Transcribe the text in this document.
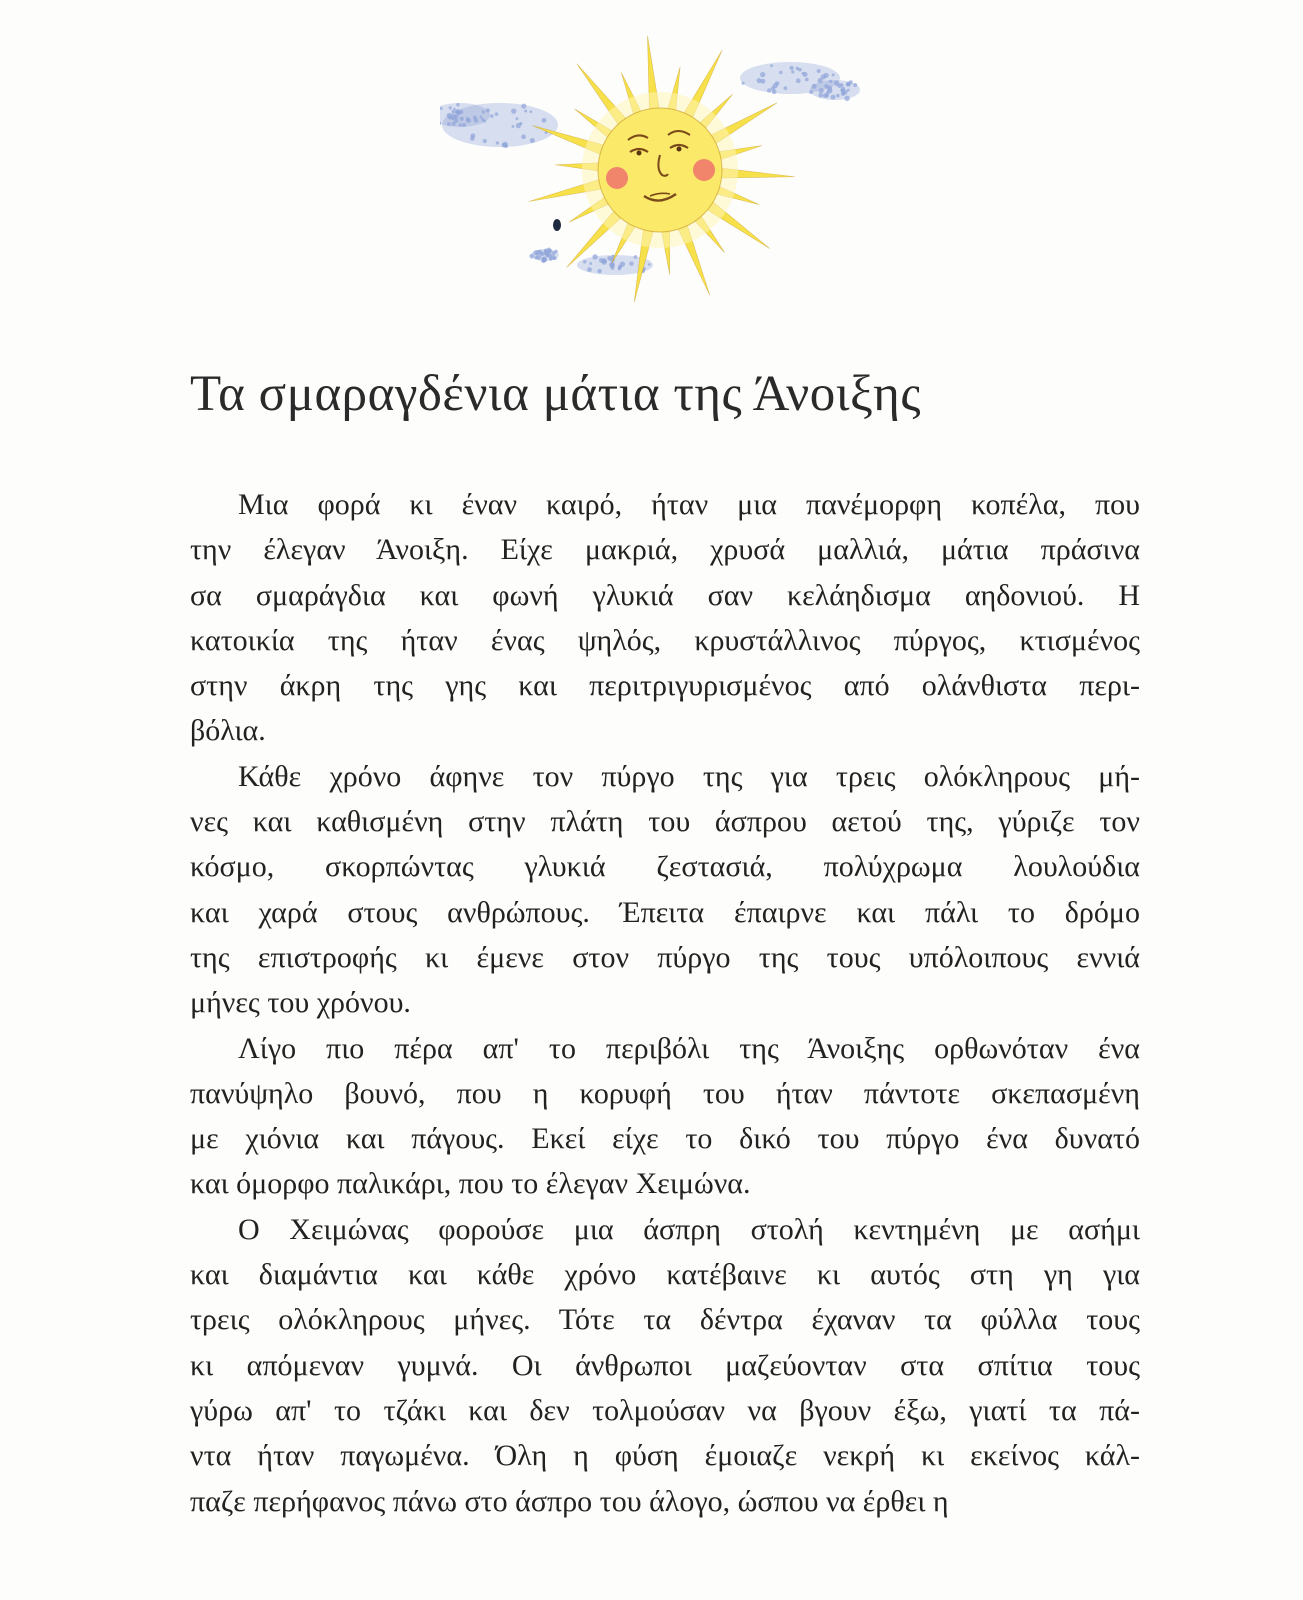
Τα σμαραγδένια μάτια της Άνοιξης
Μια φορά κι έναν καιρό, ήταν μια πανέμορφη κοπέλα, που
την έλεγαν Άνοιξη. Είχε μακριά, χρυσά μαλλιά, μάτια πράσινα
σα σμαράγδια και φωνή γλυκιά σαν κελάηδισμα αηδονιού. Η
κατοικία της ήταν ένας ψηλός, κρυστάλλινος πύργος, κτισμένος
στην άκρη της γης και περιτριγυρισμένος από ολάνθιστα περι-
βόλια.
Κάθε χρόνο άφηνε τον πύργο της για τρεις ολόκληρους μή-
νες και καθισμένη στην πλάτη του άσπρου αετού της, γύριζε τον
κόσμο, σκορπώντας γλυκιά ζεστασιά, πολύχρωμα λουλούδια
και χαρά στους ανθρώπους. Έπειτα έπαιρνε και πάλι το δρόμο
της επιστροφής κι έμενε στον πύργο της τους υπόλοιπους εννιά
μήνες του χρόνου.
Λίγο πιο πέρα απ' το περιβόλι της Άνοιξης ορθωνόταν ένα
πανύψηλο βουνό, που η κορυφή του ήταν πάντοτε σκεπασμένη
με χιόνια και πάγους. Εκεί είχε το δικό του πύργο ένα δυνατό
και όμορφο παλικάρι, που το έλεγαν Χειμώνα.
Ο Χειμώνας φορούσε μια άσπρη στολή κεντημένη με ασήμι
και διαμάντια και κάθε χρόνο κατέβαινε κι αυτός στη γη για
τρεις ολόκληρους μήνες. Τότε τα δέντρα έχαναν τα φύλλα τους
κι απόμεναν γυμνά. Οι άνθρωποι μαζεύονταν στα σπίτια τους
γύρω απ' το τζάκι και δεν τολμούσαν να βγουν έξω, γιατί τα πά-
ντα ήταν παγωμένα. Όλη η φύση έμοιαζε νεκρή κι εκείνος κάλ-
παζε περήφανος πάνω στο άσπρο του άλογο, ώσπου να έρθει η
